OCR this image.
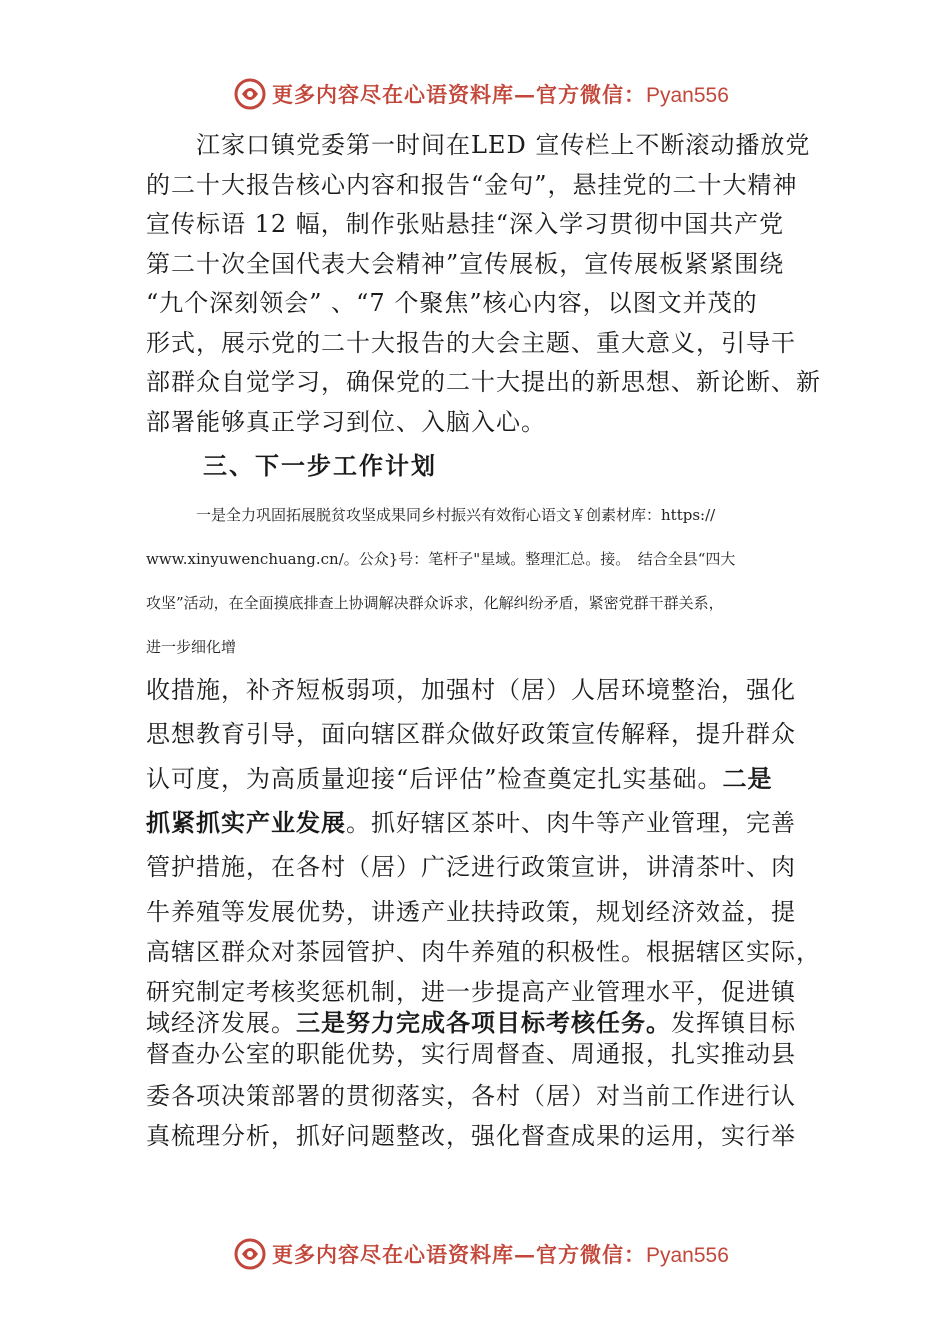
更多内容尽在心语资料库—官方微信：Pyan556
江家口镇党委第一时间在LED 宣传栏上不断滚动播放党
的二十大报告核心内容和报告“金句”，悬挂党的二十大精神
宣传标语 12 幅，制作张贴悬挂“深入学习贯彻中国共产党
第二十次全国代表大会精神”宣传展板，宣传展板紧紧围绕
“九个深刻领会” 、“7 个聚焦”核心内容，以图文并茂的
形式，展示党的二十大报告的大会主题、重大意义，引导干
部群众自觉学习，确保党的二十大提出的新思想、新论断、新
部署能够真正学习到位、入脑入心。
三、下一步工作计划
一是全力巩固拓展脱贫攻坚成果同乡村振兴有效衔心语文￥创素材库：https://
www.xinyuwenchuang.cn/。公众}号：笔杆子"星域。整理汇总。接。　结合全县“四大
攻坚”活动，在全面摸底排查上协调解决群众诉求，化解纠纷矛盾，紧密党群干群关系，
进一步细化增
收措施，补齐短板弱项，加强村（居）人居环境整治，强化
思想教育引导，面向辖区群众做好政策宣传解释，提升群众
认可度，为高质量迎接“后评估”检查奠定扎实基础。二是
抓紧抓实产业发展。抓好辖区茶叶、肉牛等产业管理，完善
管护措施，在各村（居）广泛进行政策宣讲，讲清茶叶、肉
牛养殖等发展优势，讲透产业扶持政策，规划经济效益，提
高辖区群众对茶园管护、肉牛养殖的积极性。根据辖区实际，
研究制定考核奖惩机制，进一步提高产业管理水平，促进镇
域经济发展。三是努力完成各项目标考核任务。发挥镇目标
督查办公室的职能优势，实行周督查、周通报，扎实推动县
委各项决策部署的贯彻落实，各村（居）对当前工作进行认
真梳理分析，抓好问题整改，强化督查成果的运用，实行举
更多内容尽在心语资料库—官方微信：Pyan556
